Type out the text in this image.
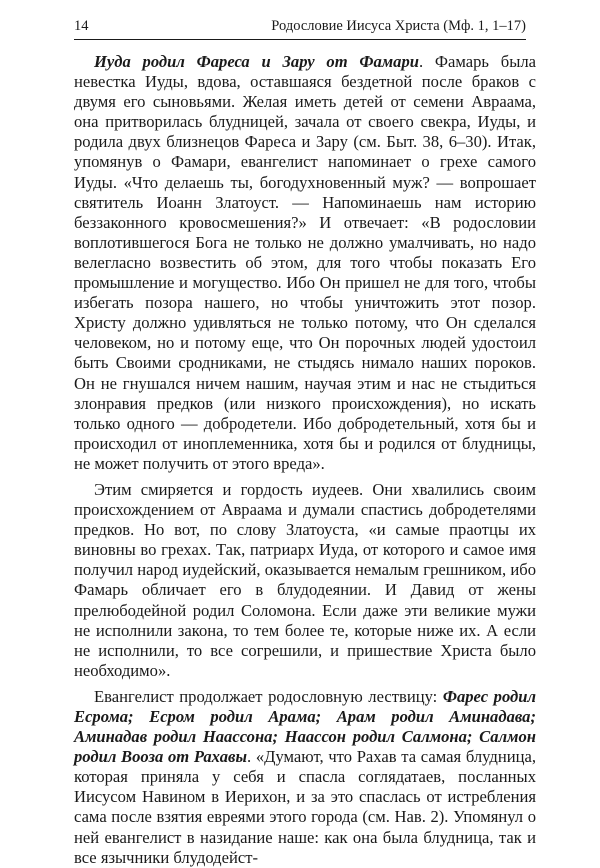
14	Родословие Иисуса Христа (Мф. 1, 1–17)

Иуда родил Фареса и Зару от Фамари. Фамарь была невестка Иуды, вдова, оставшаяся бездетной после браков с двумя его сыновьями. Желая иметь детей от семени Авраама, она притворилась блудницей, зачала от своего свекра, Иуды, и родила двух близнецов Фареса и Зару (см. Быт. 38, 6–30). Итак, упомянув о Фамари, евангелист напоминает о грехе самого Иуды. «Что делаешь ты, богодухновенный муж? — вопрошает святитель Иоанн Златоуст. — Напоминаешь нам историю беззаконного кровосмешения?» И отвечает: «В родословии воплотившегося Бога не только не должно умалчивать, но надо велегласно возвестить об этом, для того чтобы показать Его промышление и могущество. Ибо Он пришел не для того, чтобы избегать позора нашего, но чтобы уничтожить этот позор. Христу должно удивляться не только потому, что Он сделался человеком, но и потому еще, что Он порочных людей удостоил быть Своими сродниками, не стыдясь нимало наших пороков. Он не гнушался ничем нашим, научая этим и нас не стыдиться злонравия предков (или низкого происхождения), но искать только одного — добродетели. Ибо добродетельный, хотя бы и происходил от иноплеменника, хотя бы и родился от блудницы, не может получить от этого вреда».

Этим смиряется и гордость иудеев. Они хвалились своим происхождением от Авраама и думали спастись добродетелями предков. Но вот, по слову Златоуста, «и самые праотцы их виновны во грехах. Так, патриарх Иуда, от которого и самое имя получил народ иудейский, оказывается немалым грешником, ибо Фамарь обличает его в блудодеянии. И Давид от жены прелюбодейной родил Соломона. Если даже эти великие мужи не исполнили закона, то тем более те, которые ниже их. А если не исполнили, то все согрешили, и пришествие Христа было необходимо».

Евангелист продолжает родословную лествицу: Фарес родил Есрома; Есром родил Арама; Арам родил Аминадава; Аминадав родил Наассона; Наассон родил Салмона; Салмон родил Вооза от Рахавы. «Думают, что Рахав та самая блудница, которая приняла у себя и спасла соглядатаев, посланных Иисусом Навином в Иерихон, и за это спаслась от истребления сама после взятия евреями этого города (см. Нав. 2). Упомянул о ней евангелист в назидание наше: как она была блудница, так и все язычники блудодейст-
